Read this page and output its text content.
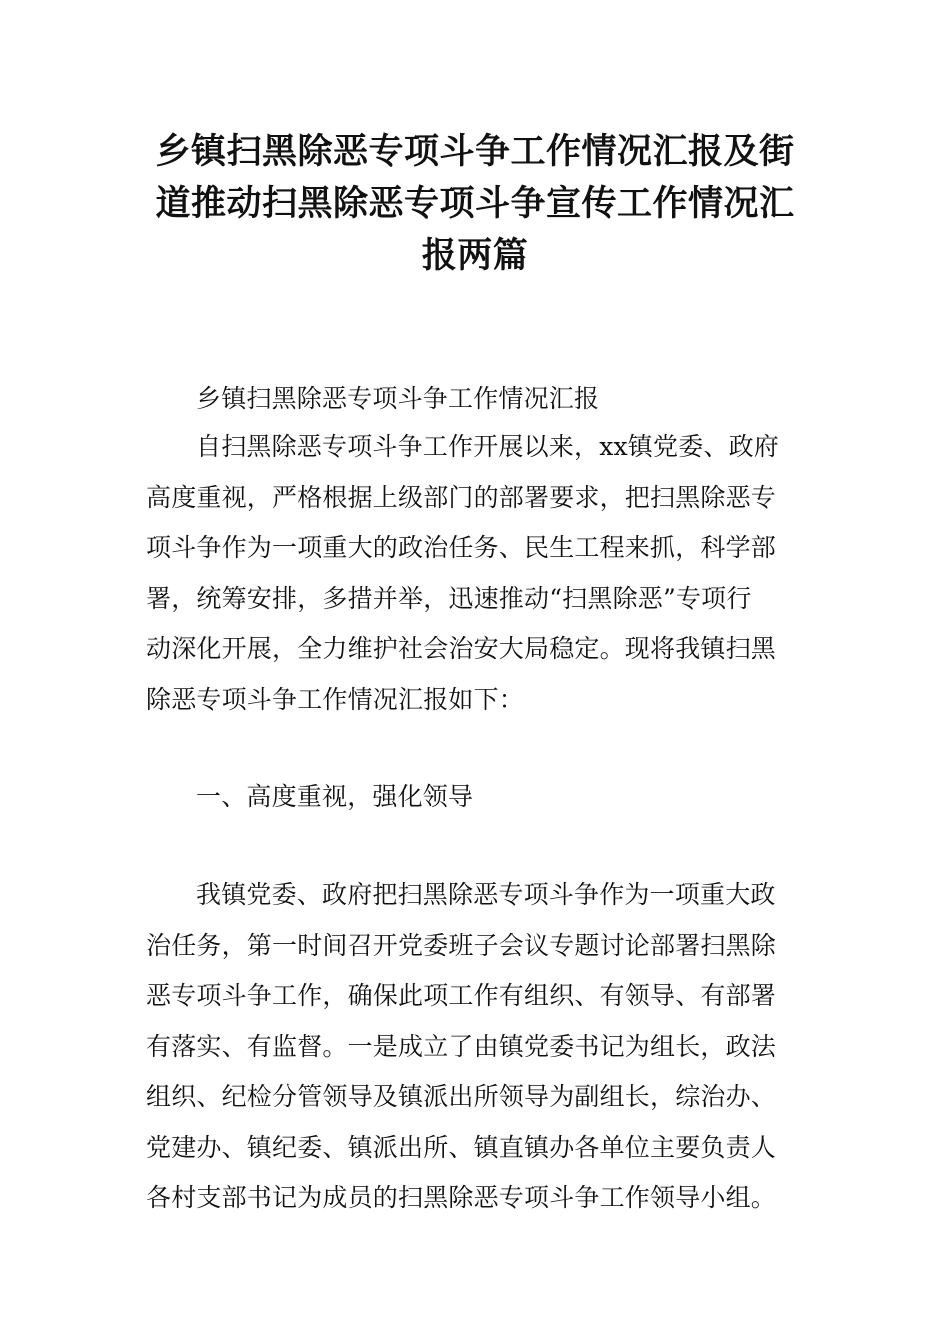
乡镇扫黑除恶专项斗争工作情况汇报及街
道推动扫黑除恶专项斗争宣传工作情况汇
报两篇

乡镇扫黑除恶专项斗争工作情况汇报

自扫黑除恶专项斗争工作开展以来，xx镇党委、政府

高度重视，严格根据上级部门的部署要求，把扫黑除恶专

项斗争作为一项重大的政治任务、民生工程来抓，科学部

署，统筹安排，多措并举，迅速推动“扫黑除恶”专项行

动深化开展，全力维护社会治安大局稳定。现将我镇扫黑

除恶专项斗争工作情况汇报如下：

一、高度重视，强化领导

我镇党委、政府把扫黑除恶专项斗争作为一项重大政

治任务，第一时间召开党委班子会议专题讨论部署扫黑除

恶专项斗争工作，确保此项工作有组织、有领导、有部署

有落实、有监督。一是成立了由镇党委书记为组长，政法

组织、纪检分管领导及镇派出所领导为副组长，综治办、

党建办、镇纪委、镇派出所、镇直镇办各单位主要负责人

各村支部书记为成员的扫黑除恶专项斗争工作领导小组。
